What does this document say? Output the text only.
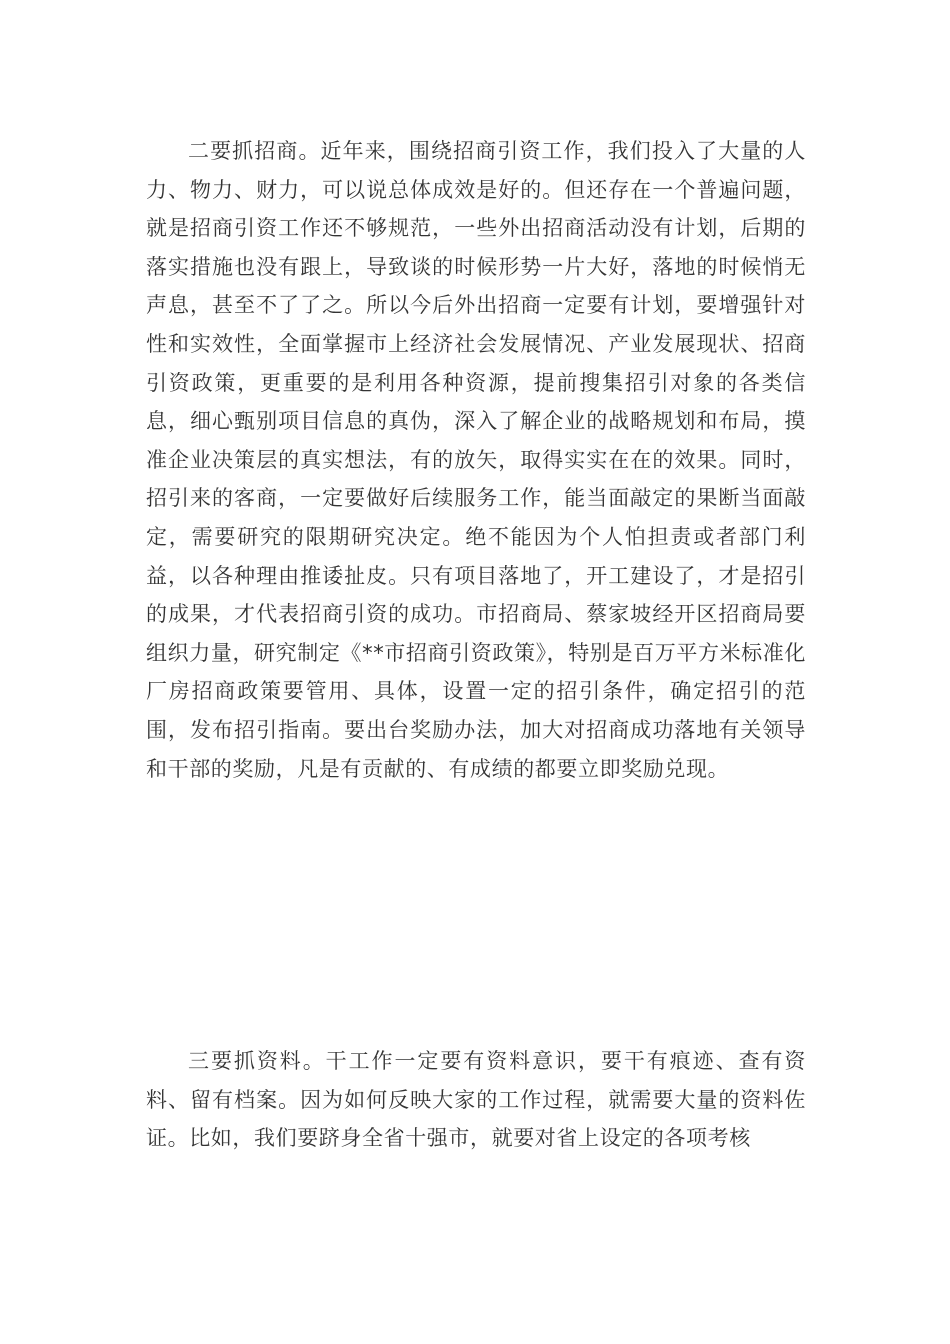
二要抓招商。近年来，围绕招商引资工作，我们投入了大量的人力、物力、财力，可以说总体成效是好的。但还存在一个普遍问题，就是招商引资工作还不够规范，一些外出招商活动没有计划，后期的落实措施也没有跟上，导致谈的时候形势一片大好，落地的时候悄无声息，甚至不了了之。所以今后外出招商一定要有计划，要增强针对性和实效性，全面掌握市上经济社会发展情况、产业发展现状、招商引资政策，更重要的是利用各种资源，提前搜集招引对象的各类信息，细心甄别项目信息的真伪，深入了解企业的战略规划和布局，摸准企业决策层的真实想法，有的放矢，取得实实在在的效果。同时，招引来的客商，一定要做好后续服务工作，能当面敲定的果断当面敲定，需要研究的限期研究决定。绝不能因为个人怕担责或者部门利益，以各种理由推诿扯皮。只有项目落地了，开工建设了，才是招引的成果，才代表招商引资的成功。市招商局、蔡家坡经开区招商局要组织力量，研究制定《**市招商引资政策》，特别是百万平方米标准化厂房招商政策要管用、具体，设置一定的招引条件，确定招引的范围，发布招引指南。要出台奖励办法，加大对招商成功落地有关领导和干部的奖励，凡是有贡献的、有成绩的都要立即奖励兑现。

三要抓资料。干工作一定要有资料意识，要干有痕迹、查有资料、留有档案。因为如何反映大家的工作过程，就需要大量的资料佐证。比如，我们要跻身全省十强市，就要对省上设定的各项考核
